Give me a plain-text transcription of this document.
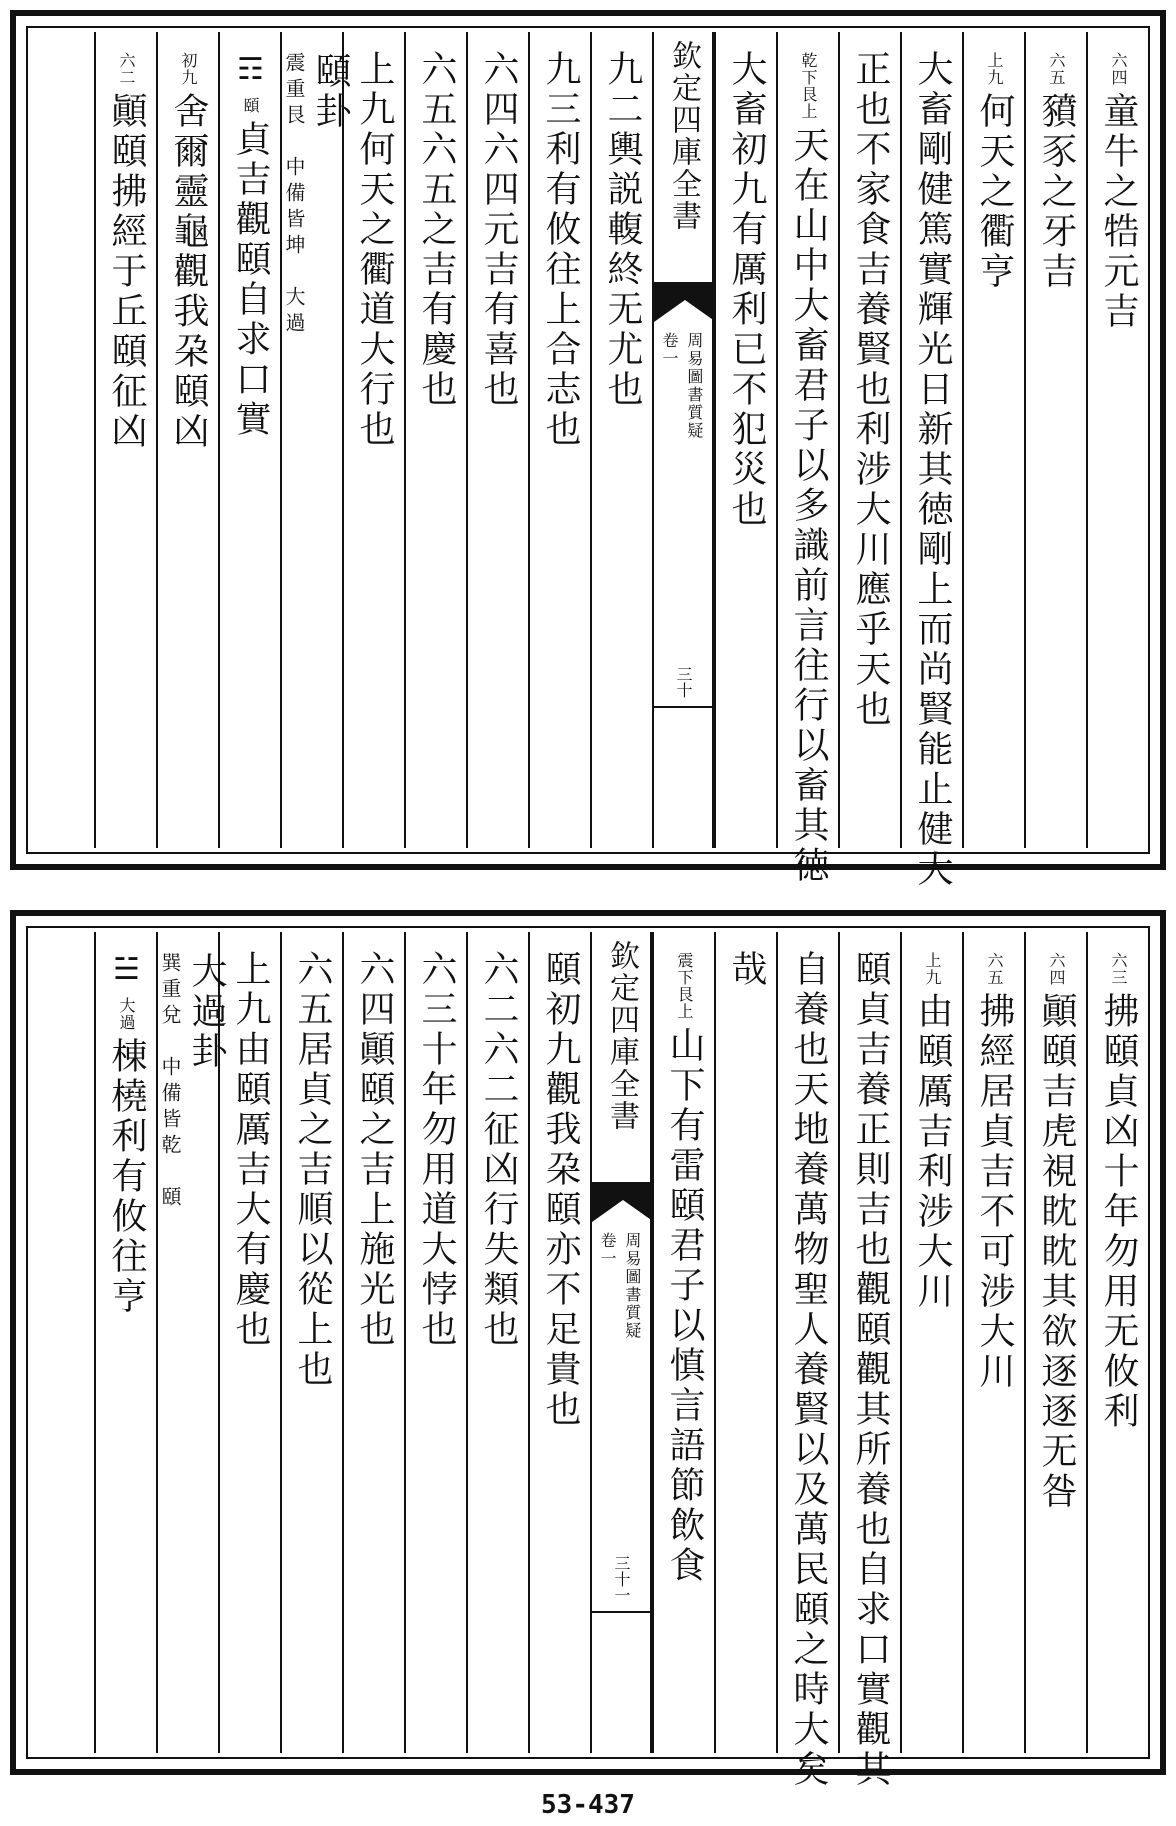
六四童牛之牿元吉
六五豶豕之牙吉
上九何天之衢亨
大畜剛健篤實輝光日新其徳剛上而尚賢能止健大
正也不家食吉養賢也利涉大川應乎天也
乾下艮上天在山中大畜君子以多識前言往行以畜其徳
大畜初九有厲利已不犯災也
欽定四庫全書
周易圖書質疑
卷一
三十
九二輿説輹終无尤也
九三利有攸往上合志也
六四六四元吉有喜也
六五六五之吉有慶也
上九何天之衢道大行也
頤卦
震重艮　中備皆坤　大過
☶頤貞吉觀頤自求口實
初九舍爾靈龜觀我朶頤凶
六二顚頤拂經于丘頤征凶
六三拂頤貞凶十年勿用无攸利
六四顚頤吉虎視眈眈其欲逐逐无咎
六五拂經居貞吉不可涉大川
上九由頤厲吉利涉大川
頤貞吉養正則吉也觀頤觀其所養也自求口實觀其
自養也天地養萬物聖人養賢以及萬民頤之時大矣
哉
震下艮上山下有雷頤君子以慎言語節飲食
欽定四庫全書
周易圖書質疑
卷一
三十一
頤初九觀我朶頤亦不足貴也
六二六二征凶行失類也
六三十年勿用道大悖也
六四顚頤之吉上施光也
六五居貞之吉順以從上也
上九由頤厲吉大有慶也
大過卦
巽重兌　中備皆乾　頤
☱大過棟橈利有攸往亨
53-437
